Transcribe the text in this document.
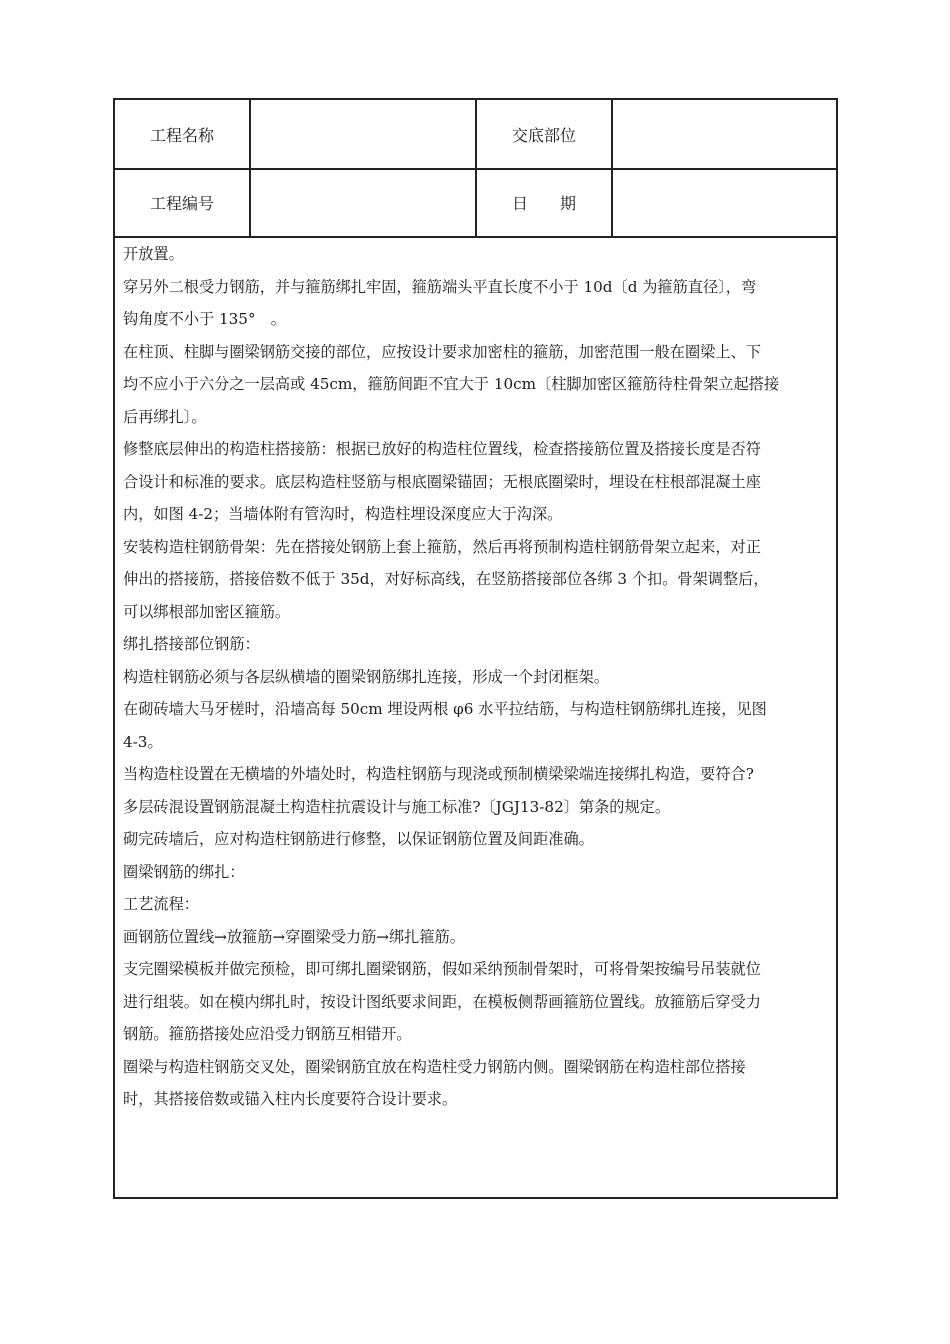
工程名称	交底部位
工程编号	日　　期

开放置。

穿另外二根受力钢筋，并与箍筋绑扎牢固，箍筋端头平直长度不小于 10d〔d 为箍筋直径〕，弯

钩角度不小于 135°　。

在柱顶、柱脚与圈梁钢筋交接的部位，应按设计要求加密柱的箍筋，加密范围一般在圈梁上、下

均不应小于六分之一层高或 45cm，箍筋间距不宜大于 10cm〔柱脚加密区箍筋待柱骨架立起搭接

后再绑扎〕。

修整底层伸出的构造柱搭接筋：根据已放好的构造柱位置线，检查搭接筋位置及搭接长度是否符

合设计和标准的要求。底层构造柱竖筋与根底圈梁锚固；无根底圈梁时，埋设在柱根部混凝土座

内，如图 4-2；当墙体附有管沟时，构造柱埋设深度应大于沟深。

安装构造柱钢筋骨架：先在搭接处钢筋上套上箍筋，然后再将预制构造柱钢筋骨架立起来，对正

伸出的搭接筋，搭接倍数不低于 35d，对好标高线，在竖筋搭接部位各绑 3 个扣。骨架调整后，

可以绑根部加密区箍筋。

绑扎搭接部位钢筋：

构造柱钢筋必须与各层纵横墙的圈梁钢筋绑扎连接，形成一个封闭框架。

在砌砖墙大马牙槎时，沿墙高每 50cm 埋设两根 φ6 水平拉结筋，与构造柱钢筋绑扎连接，见图

4-3。

当构造柱设置在无横墙的外墙处时，构造柱钢筋与现浇或预制横梁梁端连接绑扎构造，要符合?

多层砖混设置钢筋混凝土构造柱抗震设计与施工标准?〔JGJ13-82〕第条的规定。

砌完砖墙后，应对构造柱钢筋进行修整，以保证钢筋位置及间距准确。

圈梁钢筋的绑扎：

工艺流程：

画钢筋位置线→放箍筋→穿圈梁受力筋→绑扎箍筋。

支完圈梁模板并做完预检，即可绑扎圈梁钢筋，假如采纳预制骨架时，可将骨架按编号吊装就位

进行组装。如在模内绑扎时，按设计图纸要求间距，在模板侧帮画箍筋位置线。放箍筋后穿受力

钢筋。箍筋搭接处应沿受力钢筋互相错开。

圈梁与构造柱钢筋交叉处，圈梁钢筋宜放在构造柱受力钢筋内侧。圈梁钢筋在构造柱部位搭接

时，其搭接倍数或锚入柱内长度要符合设计要求。
